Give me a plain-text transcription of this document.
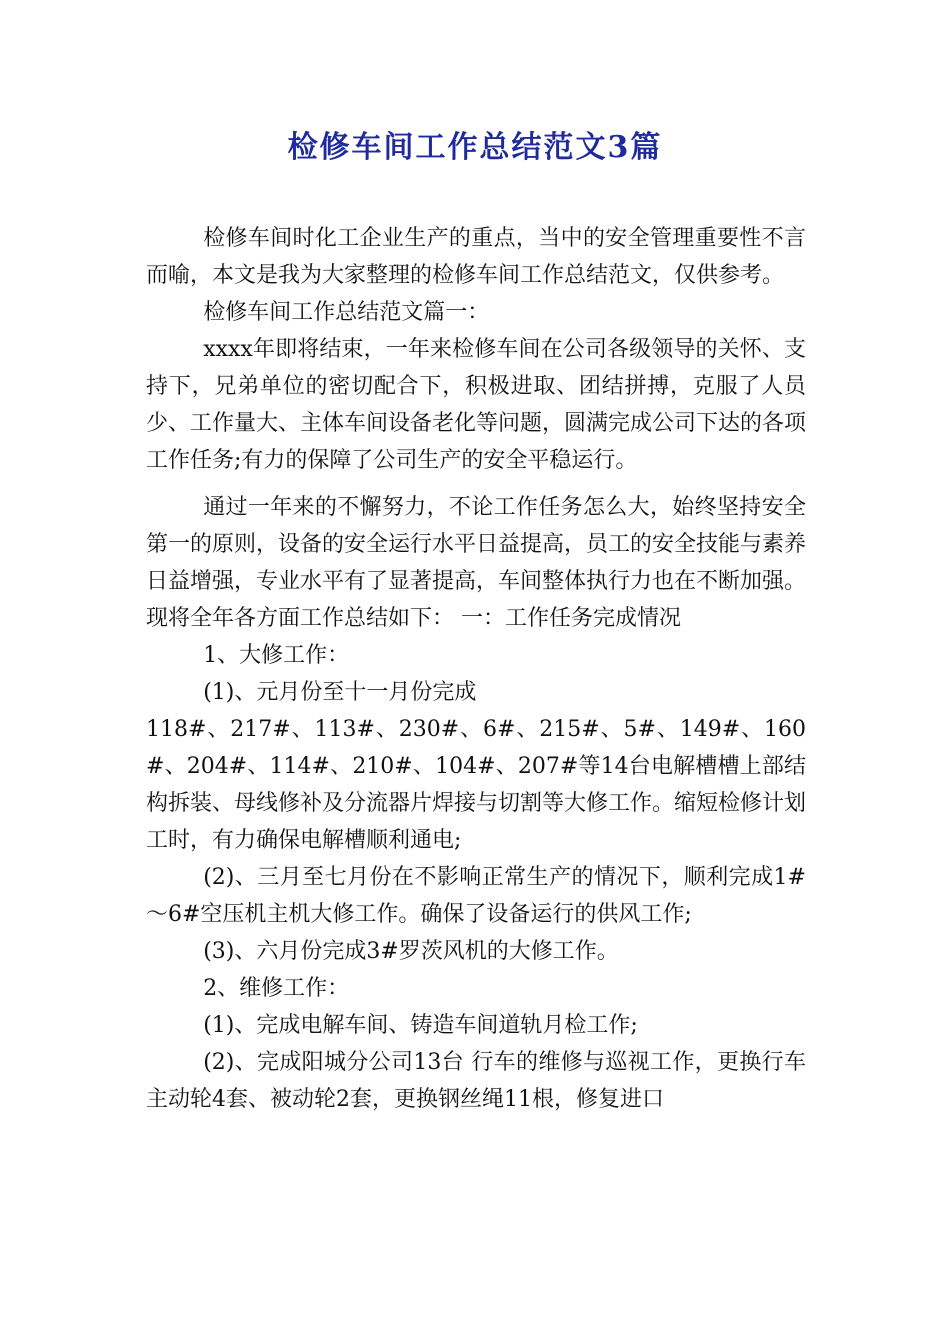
检修车间工作总结范文3篇

检修车间时化工企业生产的重点，当中的安全管理重要性不言而喻，本文是我为大家整理的检修车间工作总结范文，仅供参考。

检修车间工作总结范文篇一：

xxxx年即将结束，一年来检修车间在公司各级领导的关怀、支持下，兄弟单位的密切配合下，积极进取、团结拼搏，克服了人员少、工作量大、主体车间设备老化等问题，圆满完成公司下达的各项工作任务;有力的保障了公司生产的安全平稳运行。

通过一年来的不懈努力，不论工作任务怎么大，始终坚持安全第一的原则，设备的安全运行水平日益提高，员工的安全技能与素养日益增强，专业水平有了显著提高，车间整体执行力也在不断加强。现将全年各方面工作总结如下： 一：工作任务完成情况

1、大修工作：

(1)、元月份至十一月份完成

118#、217#、113#、230#、6#、215#、5#、149#、160#、204#、114#、210#、104#、207#等14台电解槽槽上部结构拆装、母线修补及分流器片焊接与切割等大修工作。缩短检修计划工时，有力确保电解槽顺利通电;

(2)、三月至七月份在不影响正常生产的情况下，顺利完成1#～6#空压机主机大修工作。确保了设备运行的供风工作;

(3)、六月份完成3#罗茨风机的大修工作。

2、维修工作：

(1)、完成电解车间、铸造车间道轨月检工作;

(2)、完成阳城分公司13台 行车的维修与巡视工作，更换行车主动轮4套、被动轮2套，更换钢丝绳11根，修复进口
